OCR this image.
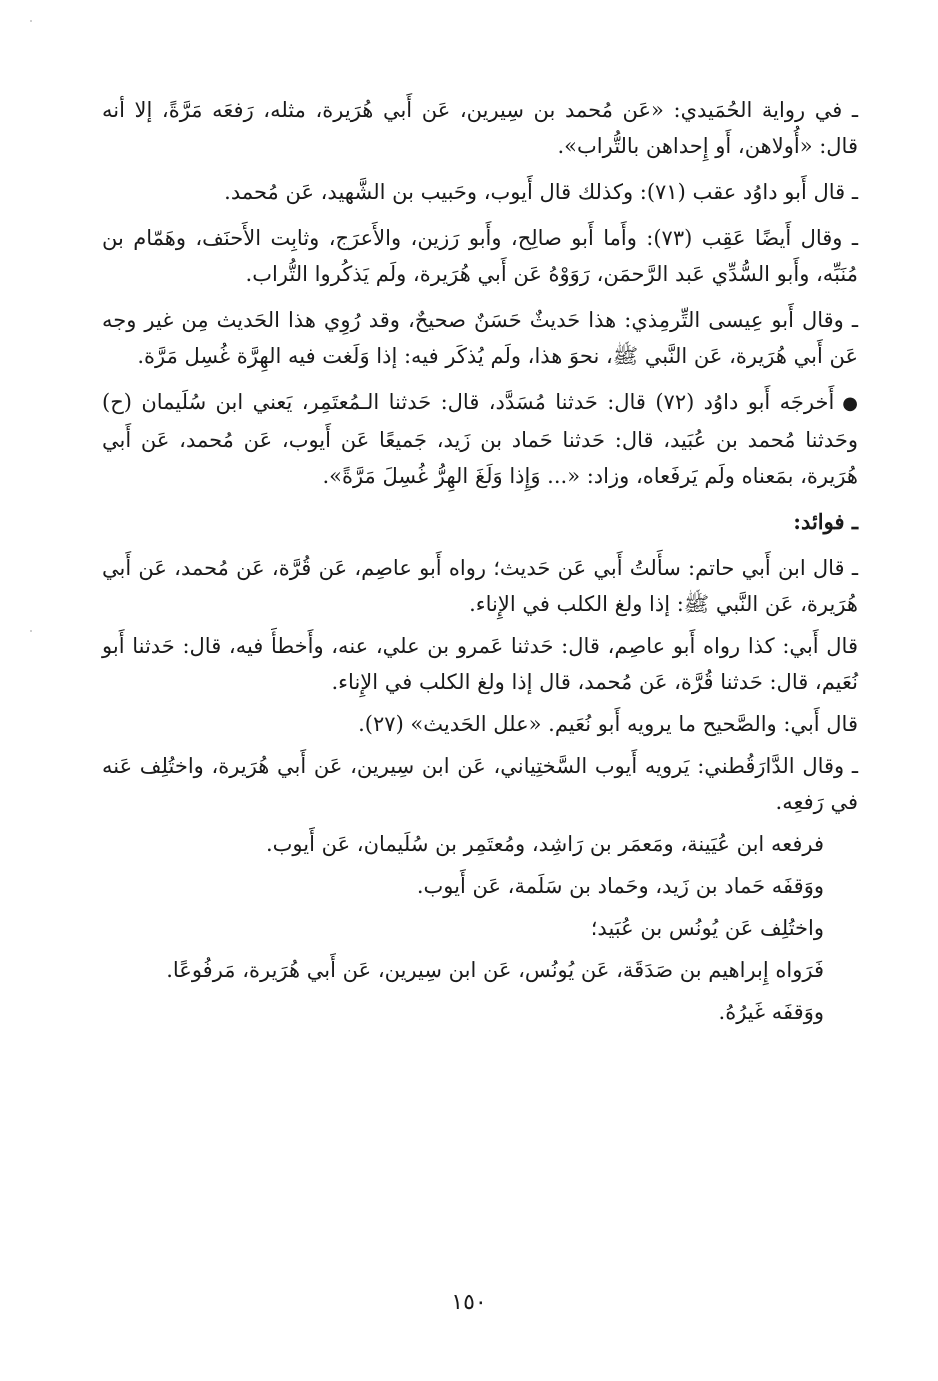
ـ في رواية الحُمَيدي: «عَن مُحمد بن سِيرين، عَن أَبي هُرَيرة، مثله، رَفعَه مَرَّةً، إلا أنه قال: «أُولاهن، أَو إِحداهن بالتُّراب».

ـ قال أَبو داوُد عقب (٧١): وكذلك قال أَيوب، وحَبيب بن الشَّهيد، عَن مُحمد.

ـ وقال أَيضًا عَقِب (٧٣): وأَما أَبو صالِح، وأَبو رَزين، والأَعرَج، وثابِت الأَحنَف، وهَمّام بن مُنَبِّه، وأَبو السُّدِّي عَبد الرَّحمَن، رَوَوْهُ عَن أَبي هُرَيرة، ولَم يَذكُروا التُّراب.

ـ وقال أَبو عِيسى التِّرمِذي: هذا حَديثٌ حَسَنٌ صحيحٌ، وقد رُوِي هذا الحَديث مِن غير وجه عَن أَبي هُرَيرة، عَن النَّبي ﷺ، نحوَ هذا، ولَم يُذكَر فيه: إذا وَلَغت فيه الهِرَّة غُسِل مَرَّة.

●أَخرجَه أَبو داوُد (٧٢) قال: حَدثنا مُسَدَّد، قال: حَدثنا الـمُعتَمِر، يَعني ابن سُلَيمان (ح) وحَدثنا مُحمد بن عُبَيد، قال: حَدثنا حَماد بن زَيد، جَميعًا عَن أَيوب، عَن مُحمد، عَن أَبي هُرَيرة، بمَعناه ولَم يَرفَعاه، وزاد: «... وَإِذا وَلَغَ الهِرُّ غُسِلَ مَرَّةً».

ـ فوائد:

ـ قال ابن أَبي حاتم: سأَلتُ أَبي عَن حَديث؛ رواه أَبو عاصِم، عَن قُرَّة، عَن مُحمد، عَن أَبي هُرَيرة، عَن النَّبي ﷺ: إذا ولغ الكلب في الإِناء.

قال أَبي: كذا رواه أَبو عاصِم، قال: حَدثنا عَمرو بن علي، عنه، وأَخطأَ فيه، قال: حَدثنا أَبو نُعَيم، قال: حَدثنا قُرَّة، عَن مُحمد، قال إذا ولغ الكلب في الإِناء.

قال أَبي: والصَّحيح ما يرويه أَبو نُعَيم. «علل الحَديث» (٢٧).

ـ وقال الدَّارَقُطني: يَرويه أَيوب السَّختِياني، عَن ابن سِيرين، عَن أَبي هُرَيرة، واختُلِف عَنه في رَفعِه.

فرفعه ابن عُيَينة، ومَعمَر بن رَاشِد، ومُعتَمِر بن سُلَيمان، عَن أَيوب.

ووَقفَه حَماد بن زَيد، وحَماد بن سَلَمة، عَن أَيوب.

واختُلِف عَن يُونُس بن عُبَيد؛

فَرَواه إِبراهيم بن صَدَقَة، عَن يُونُس، عَن ابن سِيرين، عَن أَبي هُرَيرة، مَرفُوعًا.

ووَقفَه غَيرُهُ.

١٥٠
